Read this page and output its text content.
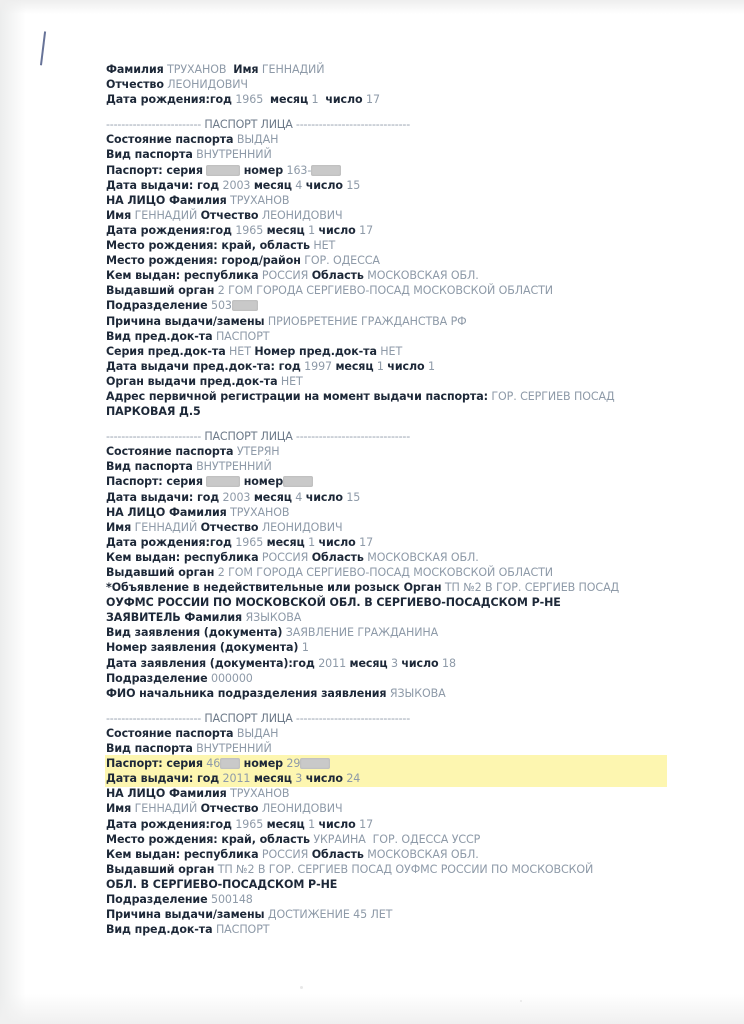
Фамилия ТРУХАНОВ Имя ГЕННАДИЙ
Отчество ЛЕОНИДОВИЧ
Дата рождения:год 1965 месяц 1 число 17
------------------------- ПАСПОРТ ЛИЦА ------------------------------
Состояние паспорта ВЫДАН
Вид паспорта ВНУТРЕННИЙ
Паспорт: серия	номер 163-
Дата выдачи: год 2003 месяц 4 число 15
НА ЛИЦО Фамилия ТРУХАНОВ
Имя ГЕННАДИЙ Отчество ЛЕОНИДОВИЧ
Дата рождения:год 1965 месяц 1 число 17
Место рождения: край, область НЕТ
Место рождения: город/район ГОР. ОДЕССА
Кем выдан: республика РОССИЯ Область МОСКОВСКАЯ ОБЛ.
Выдавший орган 2 ГОМ ГОРОДА СЕРГИЕВО-ПОСАД МОСКОВСКОЙ ОБЛАСТИ
Подразделение 503
Причина выдачи/замены ПРИОБРЕТЕНИЕ ГРАЖДАНСТВА РФ
Вид пред.док-та ПАСПОРТ
Серия пред.док-та НЕТ Номер пред.док-та НЕТ
Дата выдачи пред.док-та: год 1997 месяц 1 число 1
Орган выдачи пред.док-та НЕТ
Адрес первичной регистрации на момент выдачи паспорта: ГОР. СЕРГИЕВ ПОСАД
ПАРКОВАЯ Д.5
------------------------- ПАСПОРТ ЛИЦА ------------------------------
Состояние паспорта УТЕРЯН
Вид паспорта ВНУТРЕННИЙ
Паспорт: серия	номер
Дата выдачи: год 2003 месяц 4 число 15
НА ЛИЦО Фамилия ТРУХАНОВ
Имя ГЕННАДИЙ Отчество ЛЕОНИДОВИЧ
Дата рождения:год 1965 месяц 1 число 17
Кем выдан: республика РОССИЯ Область МОСКОВСКАЯ ОБЛ.
Выдавший орган 2 ГОМ ГОРОДА СЕРГИЕВО-ПОСАД МОСКОВСКОЙ ОБЛАСТИ
*Объявление в недействительные или розыск Орган ТП №2 В ГОР. СЕРГИЕВ ПОСАД
ОУФМС РОССИИ ПО МОСКОВСКОЙ ОБЛ. В СЕРГИЕВО-ПОСАДСКОМ Р-НЕ
ЗАЯВИТЕЛЬ Фамилия ЯЗЫКОВА
Вид заявления (документа) ЗАЯВЛЕНИЕ ГРАЖДАНИНА
Номер заявления (документа) 1
Дата заявления (документа):год 2011 месяц 3 число 18
Подразделение 000000
ФИО начальника подразделения заявления ЯЗЫКОВА
------------------------- ПАСПОРТ ЛИЦА ------------------------------
Состояние паспорта ВЫДАН
Вид паспорта ВНУТРЕННИЙ
Паспорт: серия 46 номер 29
Дата выдачи: год 2011 месяц 3 число 24
НА ЛИЦО Фамилия ТРУХАНОВ
Имя ГЕННАДИЙ Отчество ЛЕОНИДОВИЧ
Дата рождения:год 1965 месяц 1 число 17
Место рождения: край, область УКРАИНА  ГОР. ОДЕССА УССР
Кем выдан: республика РОССИЯ Область МОСКОВСКАЯ ОБЛ.
Выдавший орган ТП №2 В ГОР. СЕРГИЕВ ПОСАД ОУФМС РОССИИ ПО МОСКОВСКОЙ
ОБЛ. В СЕРГИЕВО-ПОСАДСКОМ Р-НЕ
Подразделение 500148
Причина выдачи/замены ДОСТИЖЕНИЕ 45 ЛЕТ
Вид пред.док-та ПАСПОРТ
